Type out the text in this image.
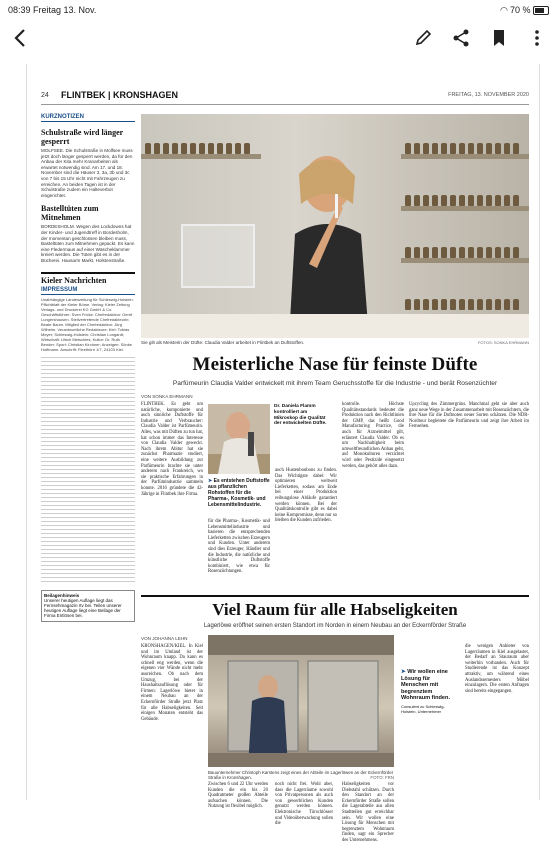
08:39 Freitag 13. Nov.	◜◝ 70 %
24 FLINTBEK | KRONSHAGEN	FREITAG, 13. NOVEMBER 2020
KURZNOTIZEN
Schulstraße wird länger gesperrt

MOLFSEE. Die Schulstraße in Molfsee muss jetzt doch länger gesperrt werden, da für den Anbau der Kita mehr Kranarbeiten als erwartet notwendig sind. Am 17. und 18. November sind die Häuser 3, 3a, 3b und 3c von 7 bis 15 Uhr nicht mit Fahrzeugen zu erreichen. An beiden Tagen ist in der Schulstraße zudem ein Halteverbot eingerichtet.

Bastelltüten zum Mitnehmen

BORDESHOLM. Wegen des Lockdowns hat der Kinder- und Jugendtreff in Bordesholm, der momentan geschlossen bleiben muss, Basteltüten zum Mitnehmen gepackt. Es kann eine Fledermaus auf einer Wäscheklammer kreiert werden. Die Tüten gibt es in der Bücherei. Hausarm Markt, Holstenstraße.

Kieler Nachrichten
IMPRESSUM
Unabhängige Landeszeitung für Schleswig-Holstein. Pflichtblatt der Kieler Börse. Verlag: Kieler Zeitung Verlags- und Druckerei KG GmbH & Co. Geschäftsführer: Sven Fricke. Chefredaktion: Gerrit Lungershausen. Stellvertretende Chefredakteurin: Beate Baum. Mitglied der Chefredaktion: Jörg Wilhelm. Verantwortliche Redakteure: Kiel: Tobias Meyer; Schleswig-Holstein: Christian Longardt; Wirtschaft: Ulrich Metschies; Kultur: Dr. Ruth Bender; Sport: Christian Kirchner; Anzeigen: Sönke Hoffmann. Anschrift: Fleethörn 1/7, 24103 Kiel.
Beilagenhinweis
Unserer heutigen Auflage liegt das Fernsehmagazin rtv bei. Teilen unserer heutigen Auflage liegt eine Beilage der Firma Entlösen bei.
Sie gilt als Meisterin der Düfte: Claudia Valder arbeitet in Flintbek an Duftstoffen.	FOTOS: SONKA EHRMANN
Meisterliche Nase für feinste Düfte
Parfümeurin Claudia Valder entwickelt mit ihrem Team Geruchsstoffe für die Industrie - und berät Rosenzüchter
VON SONKA EHRMANN
FLINTBEK. Es geht um natürliche, komponierte und auch sinnliche Duftstoffe für Industrie und Verbraucher: Claudia Valder ist Parfümeurin. Alles, was mit Düften zu tun hat, hat schon immer das Interesse von Claudia Valder geweckt. Nach ihrem Abitur hat sie zunächst Pharmazie studiert, eine weitere Ausbildung zur Parfümeurin brachte sie unter anderem nach Frankreich, wo sie praktische Erfahrungen in der Parfümindustrie sammeln konnte. 2016 gründete die 42-Jährige in Flintbek ihre Firma.
Dr. Daniela Flamm kontrolliert am Mikroskop die Qualität der entwickelten Düfte.
➤ Es entstehen Duftstoffe aus pflanzlichen Rohstoffen für die Pharma-, Kosmetik- und Lebensmittelindustrie.
für die Pharma-, Kosmetik- und Lebensmittelindustrie und basieren die entsprechenden Lieferketten zwischen Erzeugern und Kunden. Unter anderem sind dies Erzeuger, Händler und die Industrie, die natürliche und künstliche Duftstoffe kombiniert, wie etwa für Rosenzüchtungen.
auch Hustenbonbons zu finden. Das Wichtigste dabei: Wir optimieren weltweit Lieferketten, sodass am Ende bei einer Produktion reibungslose Abläufe garantiert werden können. Bei der Qualitätskontrolle gibt es dabei keine Kompromisse, denn nur so bleiben die Kunden zufrieden.
kontrolle. Höchste Qualitätsstandards bedeutet die Produktion nach den Richtlinien der GMP, das heißt Good Manufacturing Practice, die auch für Arzneimittel gilt, erläutert Claudia Valder. Ob es um Nachhaltigkeit beim umweltfreundlichen Anbau geht, auf Monokulturen verzichtet wird oder Pestizide eingesetzt werden, das gehört alles dazu.
Upcycling des Zimmergrüns. Manchmal geht sie aber auch ganz neue Wege in der Zusammenarbeit mit Rosenzüchtern, die ihre Nase für die Duftnoten neuer Sorten schätzen. Die NDR-Nordtour begleitete die Parfümeurin und zeigt ihre Arbeit im Fernsehen.
Viel Raum für alle Habseligkeiten
Lagerlöwe eröffnet seinen ersten Standort im Norden in einem Neubau an der Eckernförder Straße
VON JOHANNA LEHN
KRONSHAGEN/KIEL. In Kiel und im Umland ist der Wohnraum knapp. Da kann es schnell eng werden, wenn die eigenen vier Wände nicht mehr ausreichen. Ob nach dem Umzug, bei der Haushaltsauflösung oder für Firmen: Lagerlöwe bietet in einem Neubau an der Eckernförder Straße jetzt Platz für alle Habseligkeiten. Seit einigen Monaten entsteht das Gebäude.
Bauunternehmer Christoph Karstens zeigt eines der Abteile im Lagerlöwen an der Eckernförder Straße in Kronshagen.	FOTO: FRN
Zwischen 6 und 22 Uhr werden Kunden die ein bis 20 Quadratmeter großen Abteile aufsuchen können. Die Nutzung ist flexibel möglich.
noch nicht frei. Wohl aber, dass die Lagerräume sowohl von Privatpersonen als auch von gewerblichen Kunden genutzt werden können. Elektronische Türschlösser und Videoüberwachung sollen die
Habseligkeiten vor Diebstahl schützen. Durch den Standort an der Eckernförder Straße sollen die Lagerabteile aus allen Stadtteilen gut erreichbar sein. Wir wollen eine Lösung für Menschen mit begrenztem Wohnraum finden, sagt ein Sprecher des Unternehmens.
➤ Wir wollen eine Lösung für Menschen mit begrenztem Wohnraum finden.
Consulent zu Schleswig-Holstein, Unternehmer
die wenigen Anbieter von Lagerräumen in Kiel ausgelastet, der Bedarf an Stauraum aber weiterhin vorhanden. Auch für Studierende ist das Konzept attraktiv, um während eines Auslandssemesters Möbel einzulagern. Die ersten Anfragen sind bereits eingegangen.
